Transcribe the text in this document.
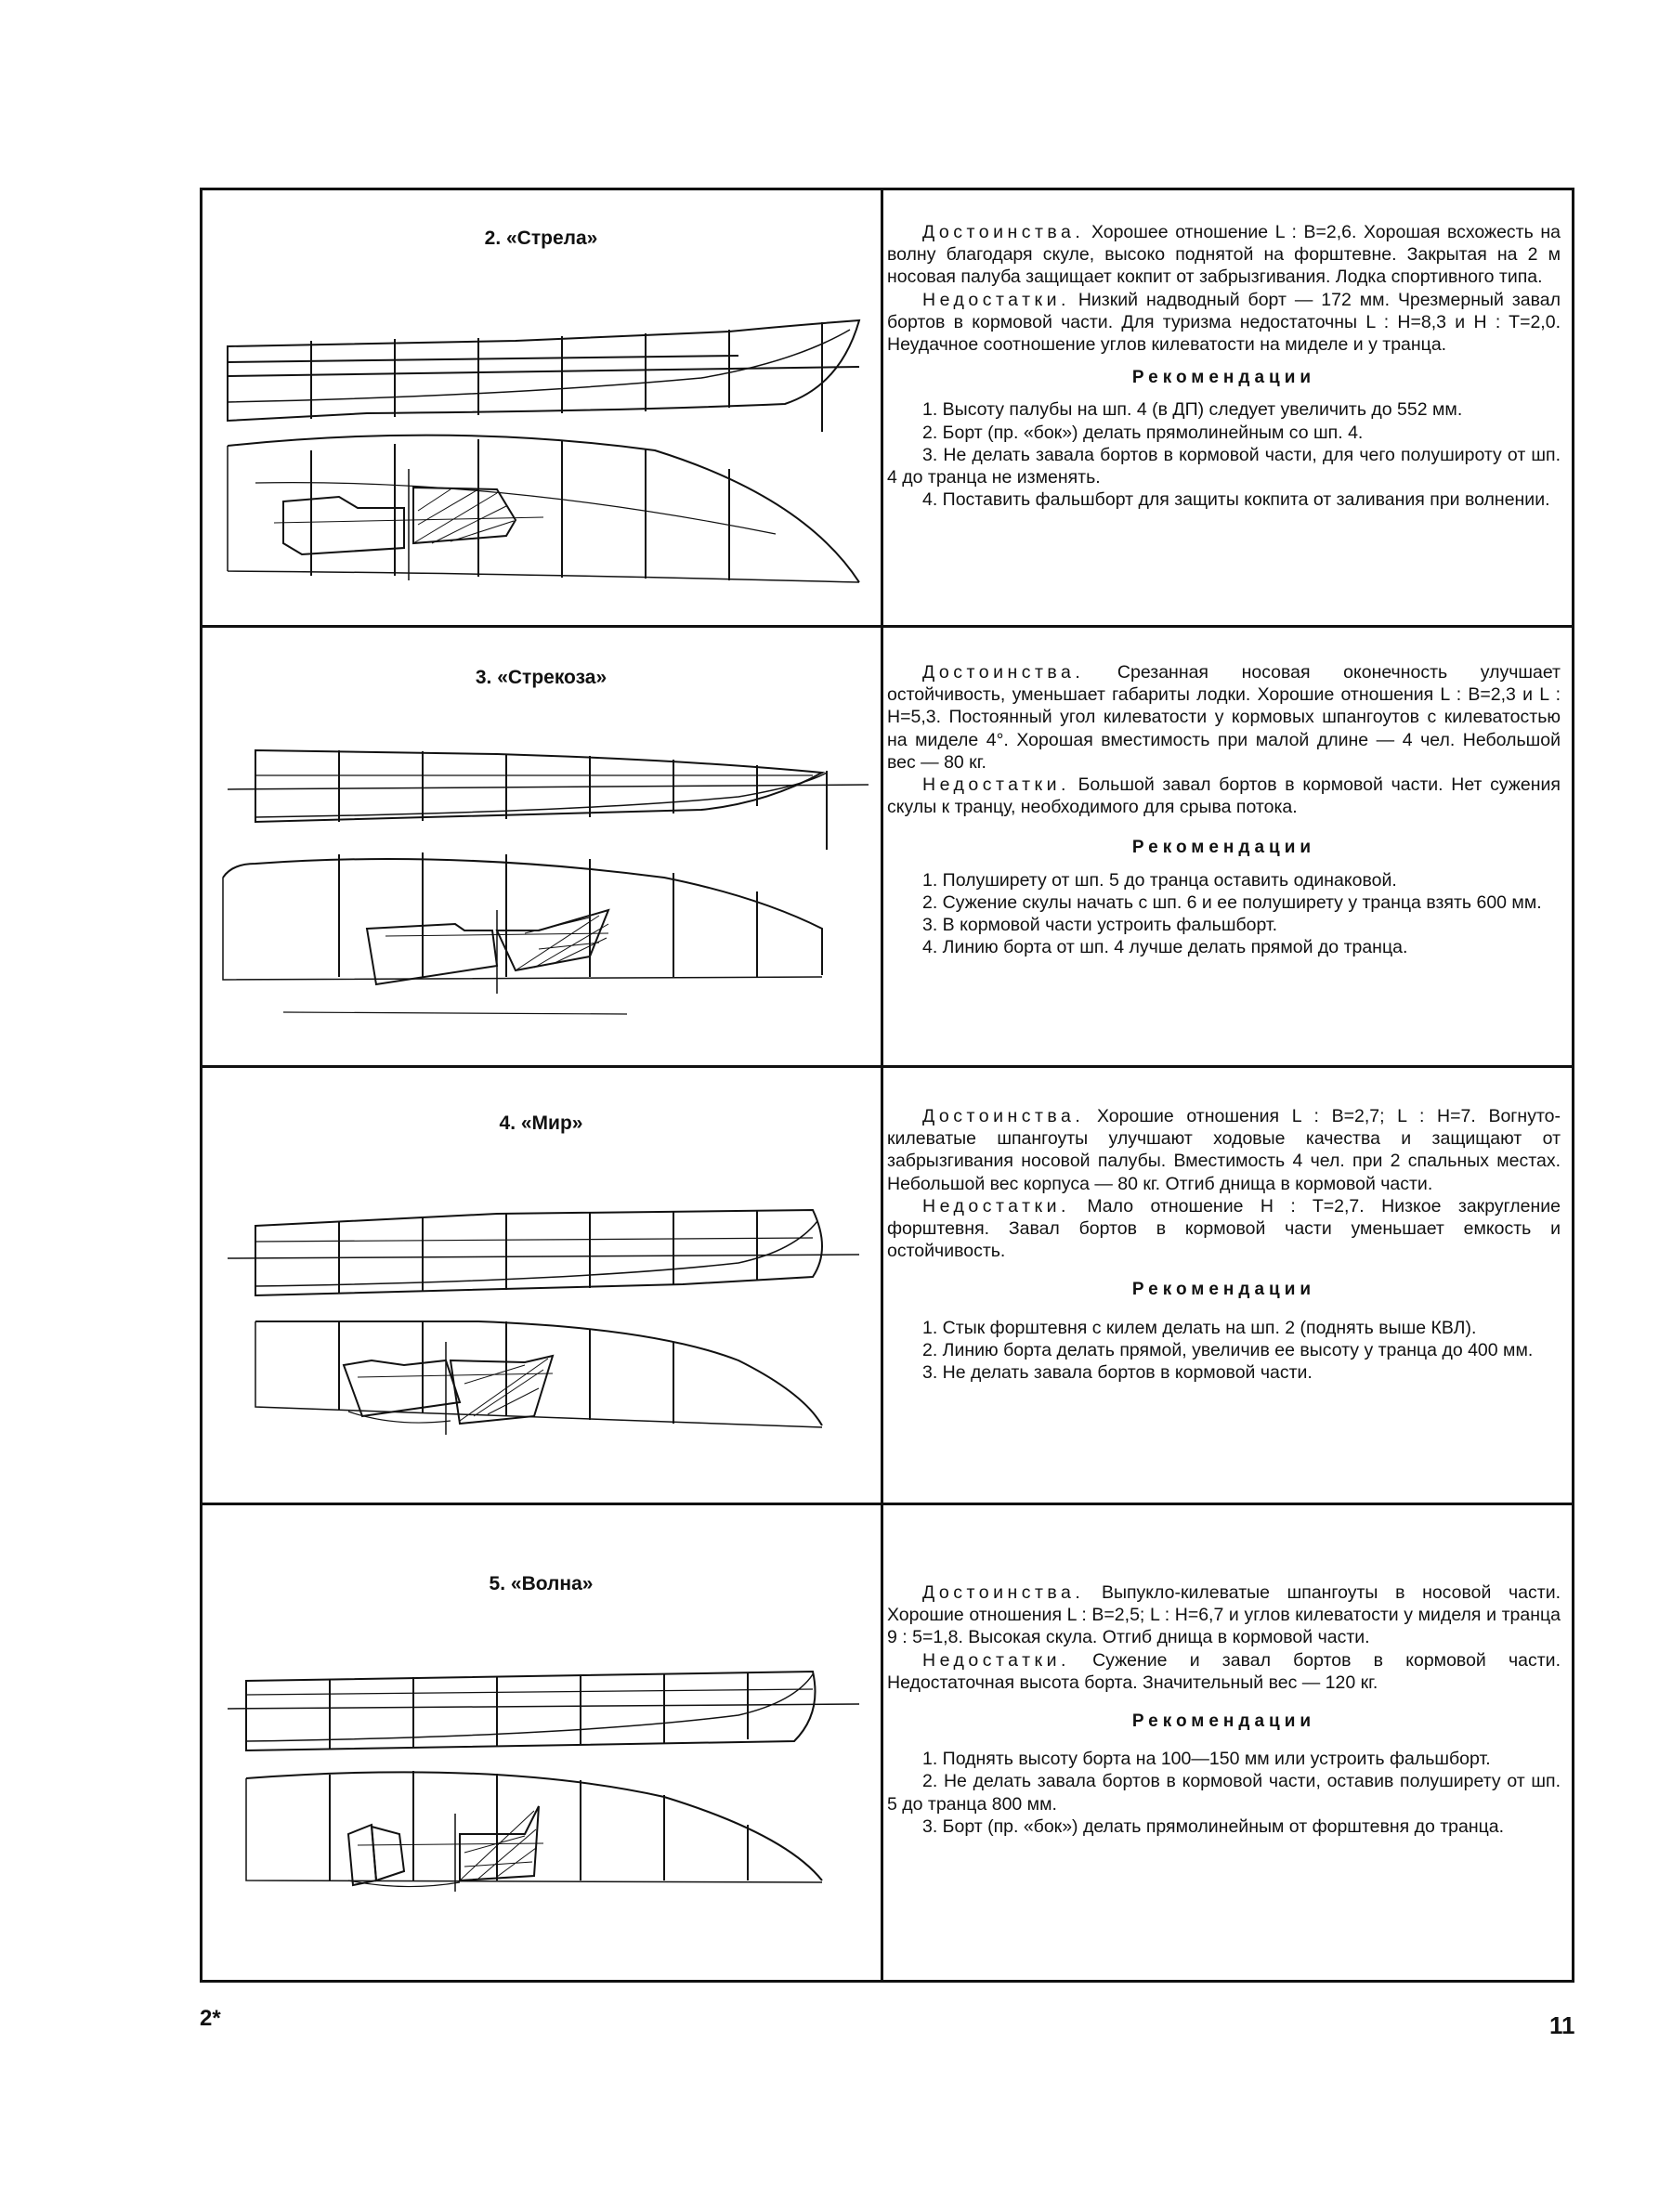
2. «Стрела»	Достоинства. Хорошее отношение L : B=2,6. Хорошая всхожесть на волну благодаря скуле, высоко поднятой на форштевне. Закрытая на 2 м носовая палуба защищает кокпит от забрызгивания. Лодка спортивного типа.

Недостатки. Низкий надводный борт — 172 мм. Чрезмерный завал бортов в кормовой части. Для туризма недостаточны L : H=8,3 и H : T=2,0. Неудачное соотношение углов килеватости на миделе и у транца.

Рекомендации

1. Высоту палубы на шп. 4 (в ДП) следует увеличить до 552 мм.

2. Борт (пр. «бок») делать прямолинейным со шп. 4.

3. Не делать завала бортов в кормовой части, для чего полушироту от шп. 4 до транца не изменять.

4. Поставить фальшборт для защиты кокпита от заливания при волнении.

3. «Стрекоза»	Достоинства. Срезанная носовая оконечность улучшает остойчивость, уменьшает габариты лодки. Хорошие отношения L : B=2,3 и L : H=5,3. Постоянный угол килеватости у кормовых шпангоутов с килеватостью на миделе 4°. Хорошая вместимость при малой длине — 4 чел. Небольшой вес — 80 кг.

Недостатки. Большой завал бортов в кормовой части. Нет сужения скулы к транцу, необходимого для срыва потока.

Рекомендации

1. Полуширету от шп. 5 до транца оставить одинаковой.

2. Сужение скулы начать с шп. 6 и ее полуширету у транца взять 600 мм.

3. В кормовой части устроить фальшборт.

4. Линию борта от шп. 4 лучше делать прямой до транца.

4. «Мир»	Достоинства. Хорошие отношения L : B=2,7; L : H=7. Вогнуто-килеватые шпангоуты улучшают ходовые качества и защищают от забрызгивания носовой палубы. Вместимость 4 чел. при 2 спальных местах. Небольшой вес корпуса — 80 кг. Отгиб днища в кормовой части.

Недостатки. Мало отношение H : T=2,7. Низкое закругление форштевня. Завал бортов в кормовой части уменьшает емкость и остойчивость.

Рекомендации

1. Стык форштевня с килем делать на шп. 2 (поднять выше КВЛ).

2. Линию борта делать прямой, увеличив ее высоту у транца до 400 мм.

3. Не делать завала бортов в кормовой части.

5. «Волна»	Достоинства. Выпукло-килеватые шпангоуты в носовой части. Хорошие отношения L : B=2,5; L : H=6,7 и углов килеватости у миделя и транца 9 : 5=1,8. Высокая скула. Отгиб днища в кормовой части.

Недостатки. Сужение и завал бортов в кормовой части. Недостаточная высота борта. Значительный вес — 120 кг.

Рекомендации

1. Поднять высоту борта на 100—150 мм или устроить фальшборт.

2. Не делать завала бортов в кормовой части, оставив полуширету от шп. 5 до транца 800 мм.

3. Борт (пр. «бок») делать прямолинейным от форштевня до транца.

2*	11
